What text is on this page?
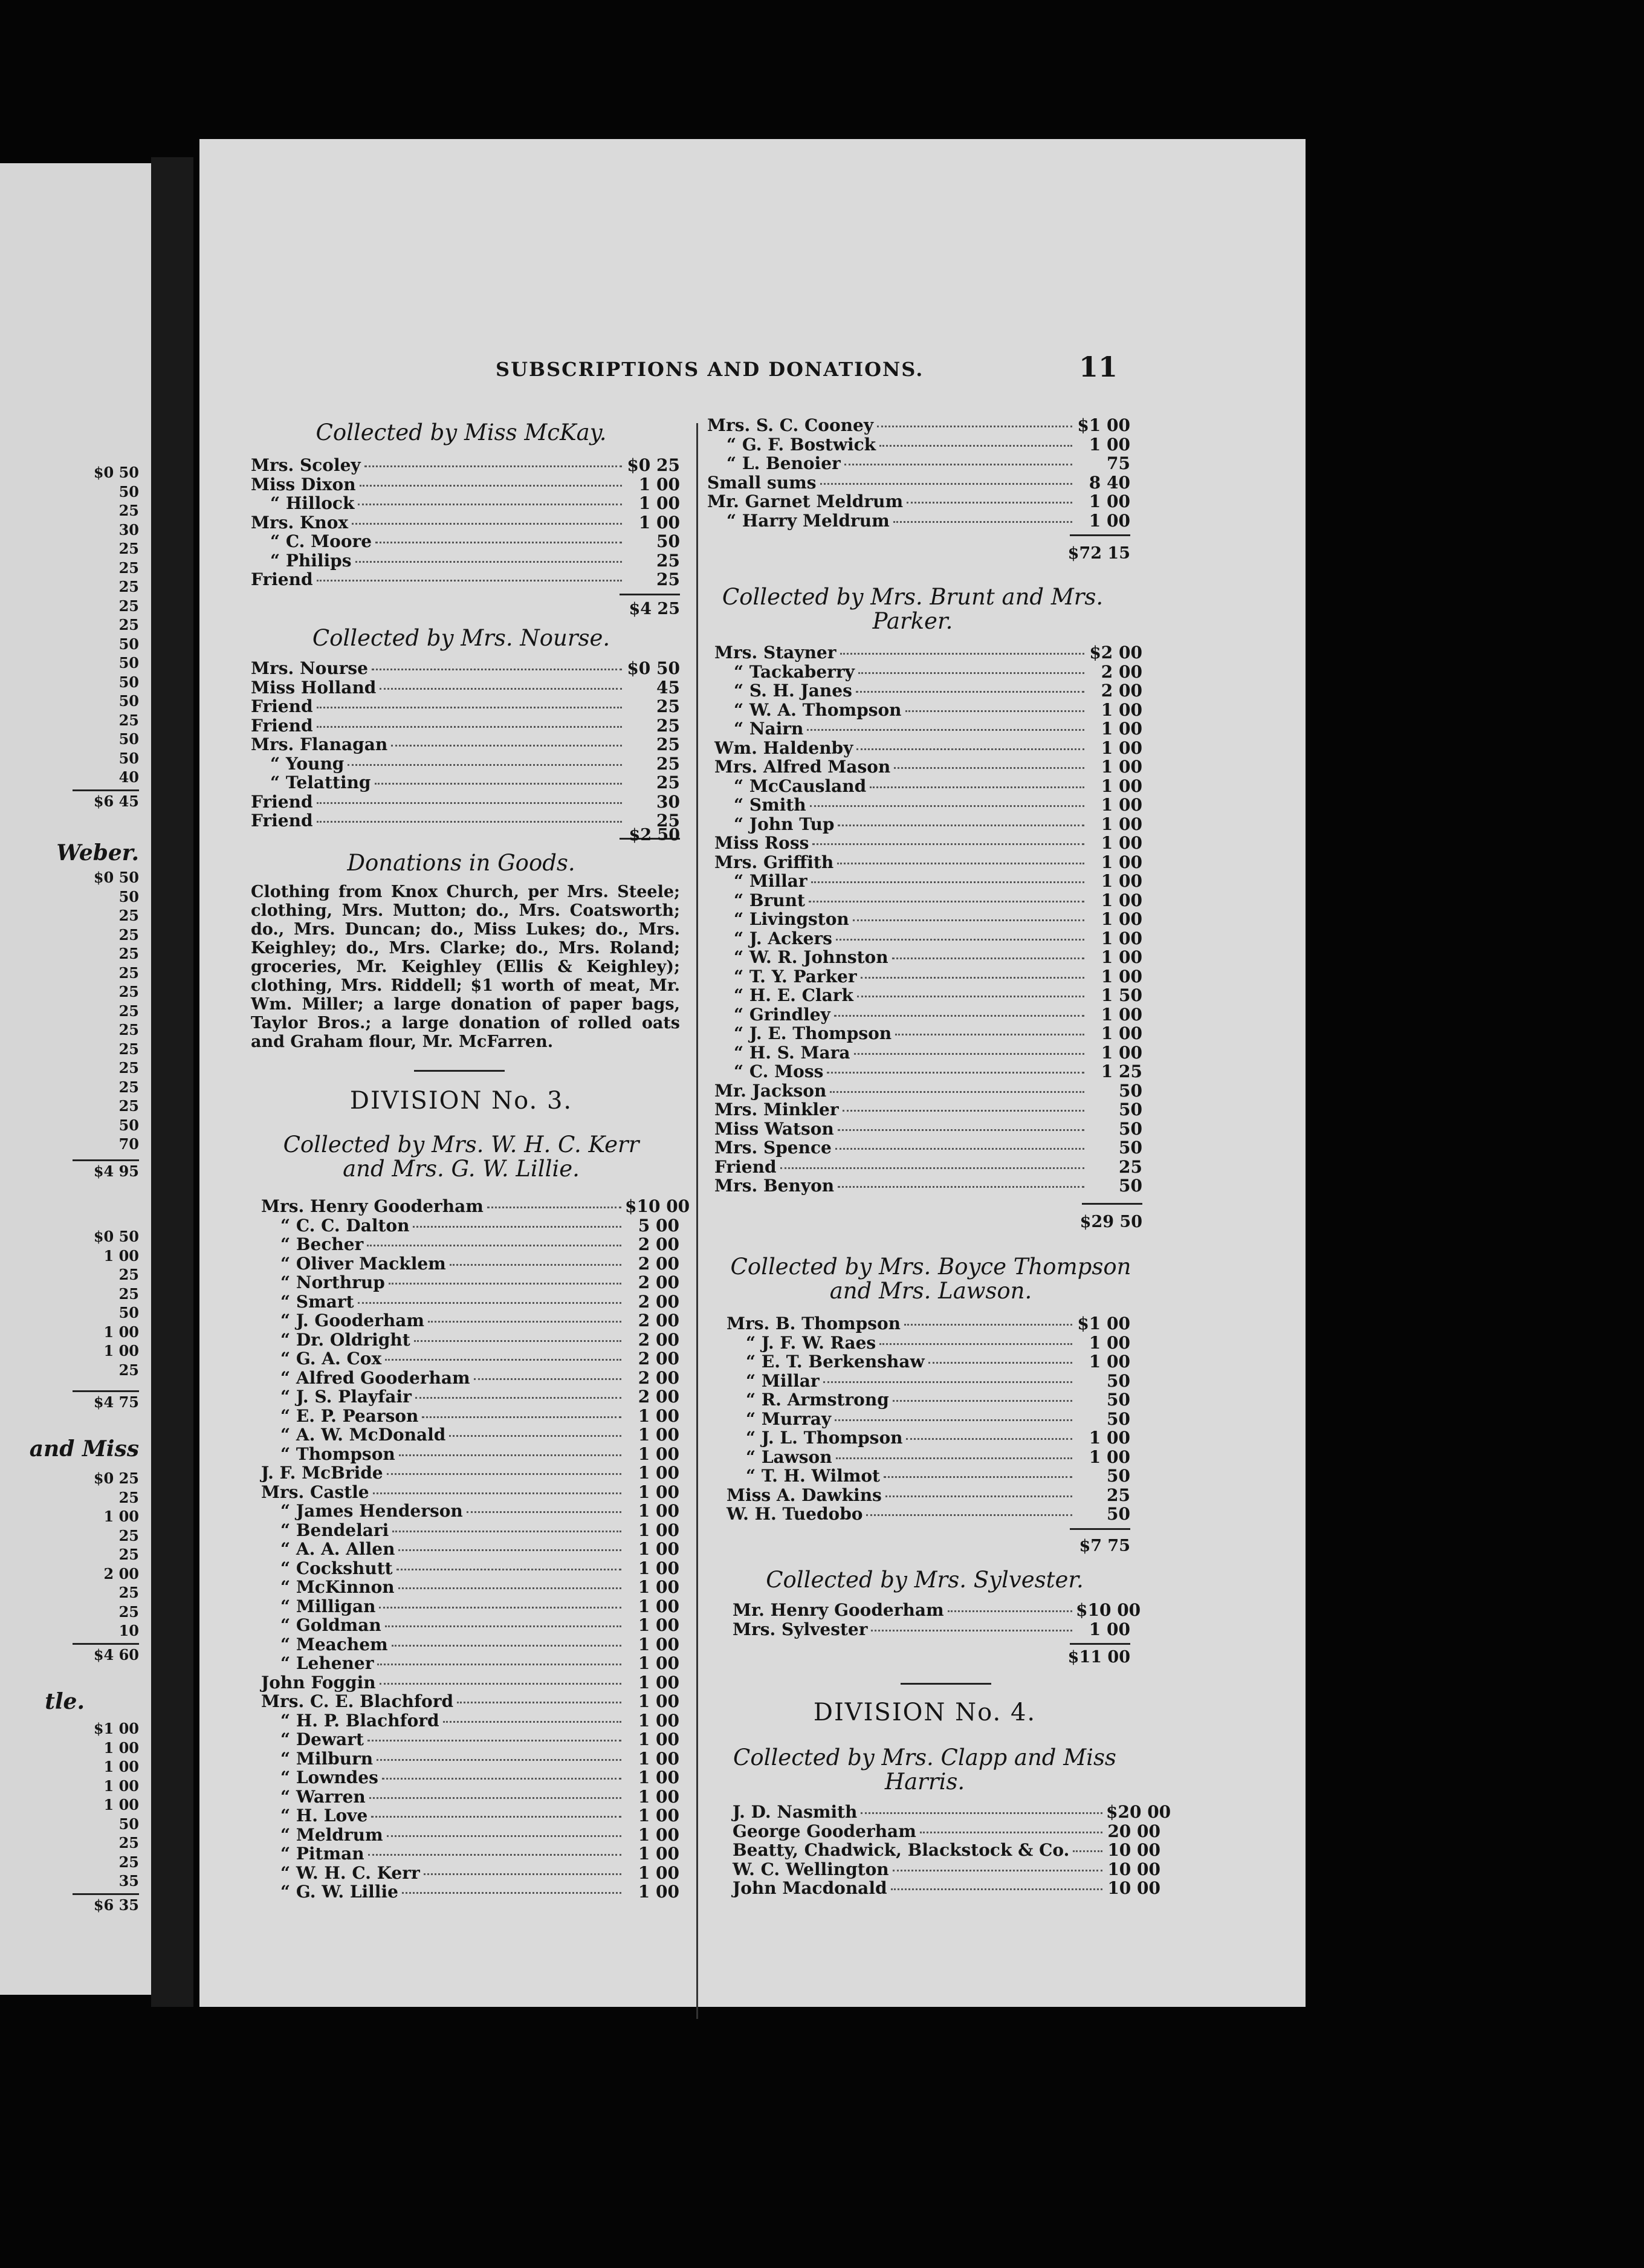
$0 50
50
25
30
25
25
25
25
25
50
50
50
50
25
50
50
40
$6 45
Weber.
$0 50
50
25
25
25
25
25
25
25
25
25
25
25
50
70
$4 95
$0 50
1 00
25
25
50
1 00
1 00
25
$4 75
and Miss
$0 25
25
1 00
25
25
2 00
25
25
10
$4 60
tle.
$1 00
1 00
1 00
1 00
1 00
50
25
25
35
$6 35
SUBSCRIPTIONS AND DONATIONS.	11
Collected by Miss McKay.
Mrs. Scoley	$0 25
Miss Dixon	1 00
“ Hillock	1 00
Mrs. Knox	1 00
“ C. Moore	50
“ Philips	25
Friend	25
$4 25
Collected by Mrs. Nourse.
Mrs. Nourse	$0 50
Miss Holland	45
Friend	25
Friend	25
Mrs. Flanagan	25
“ Young	25
“ Telatting	25
Friend	30
Friend	25
$2 50
Donations in Goods.
Clothing from Knox Church, per Mrs. Steele; clothing, Mrs. Mutton; do., Mrs. Coatsworth; do., Mrs. Duncan; do., Miss Lukes; do., Mrs. Keighley; do., Mrs. Clarke; do., Mrs. Roland; groceries, Mr. Keighley (Ellis & Keighley); clothing, Mrs. Riddell; $1 worth of meat, Mr. Wm. Miller; a large donation of paper bags, Taylor Bros.; a large donation of rolled oats and Graham flour, Mr. McFarren.
DIVISION No. 3.
Collected by Mrs. W. H. C. Kerr and Mrs. G. W. Lillie.
Mrs. Henry Gooderham	$10 00
“ C. C. Dalton	5 00
“ Becher	2 00
“ Oliver Macklem	2 00
“ Northrup	2 00
“ Smart	2 00
“ J. Gooderham	2 00
“ Dr. Oldright	2 00
“ G. A. Cox	2 00
“ Alfred Gooderham	2 00
“ J. S. Playfair	2 00
“ E. P. Pearson	1 00
“ A. W. McDonald	1 00
“ Thompson	1 00
J. F. McBride	1 00
Mrs. Castle	1 00
“ James Henderson	1 00
“ Bendelari	1 00
“ A. A. Allen	1 00
“ Cockshutt	1 00
“ McKinnon	1 00
“ Milligan	1 00
“ Goldman	1 00
“ Meachem	1 00
“ Lehener	1 00
John Foggin	1 00
Mrs. C. E. Blachford	1 00
“ H. P. Blachford	1 00
“ Dewart	1 00
“ Milburn	1 00
“ Lowndes	1 00
“ Warren	1 00
“ H. Love	1 00
“ Meldrum	1 00
“ Pitman	1 00
“ W. H. C. Kerr	1 00
“ G. W. Lillie	1 00
Mrs. S. C. Cooney	$1 00
“ G. F. Bostwick	1 00
“ L. Benoier	75
Small sums	8 40
Mr. Garnet Meldrum	1 00
“ Harry Meldrum	1 00
$72 15
Collected by Mrs. Brunt and Mrs. Parker.
Mrs. Stayner	$2 00
“ Tackaberry	2 00
“ S. H. Janes	2 00
“ W. A. Thompson	1 00
“ Nairn	1 00
Wm. Haldenby	1 00
Mrs. Alfred Mason	1 00
“ McCausland	1 00
“ Smith	1 00
“ John Tup	1 00
Miss Ross	1 00
Mrs. Griffith	1 00
“ Millar	1 00
“ Brunt	1 00
“ Livingston	1 00
“ J. Ackers	1 00
“ W. R. Johnston	1 00
“ T. Y. Parker	1 00
“ H. E. Clark	1 50
“ Grindley	1 00
“ J. E. Thompson	1 00
“ H. S. Mara	1 00
“ C. Moss	1 25
Mr. Jackson	50
Mrs. Minkler	50
Miss Watson	50
Mrs. Spence	50
Friend	25
Mrs. Benyon	50
$29 50
Collected by Mrs. Boyce Thompson and Mrs. Lawson.
Mrs. B. Thompson	$1 00
“ J. F. W. Raes	1 00
“ E. T. Berkenshaw	1 00
“ Millar	50
“ R. Armstrong	50
“ Murray	50
“ J. L. Thompson	1 00
“ Lawson	1 00
“ T. H. Wilmot	50
Miss A. Dawkins	25
W. H. Tuedobo	50
$7 75
Collected by Mrs. Sylvester.
Mr. Henry Gooderham	$10 00
Mrs. Sylvester	1 00
$11 00
DIVISION No. 4.
Collected by Mrs. Clapp and Miss Harris.
J. D. Nasmith	$20 00
George Gooderham	20 00
Beatty, Chadwick, Blackstock & Co. 10 00
W. C. Wellington	10 00
John Macdonald	10 00
